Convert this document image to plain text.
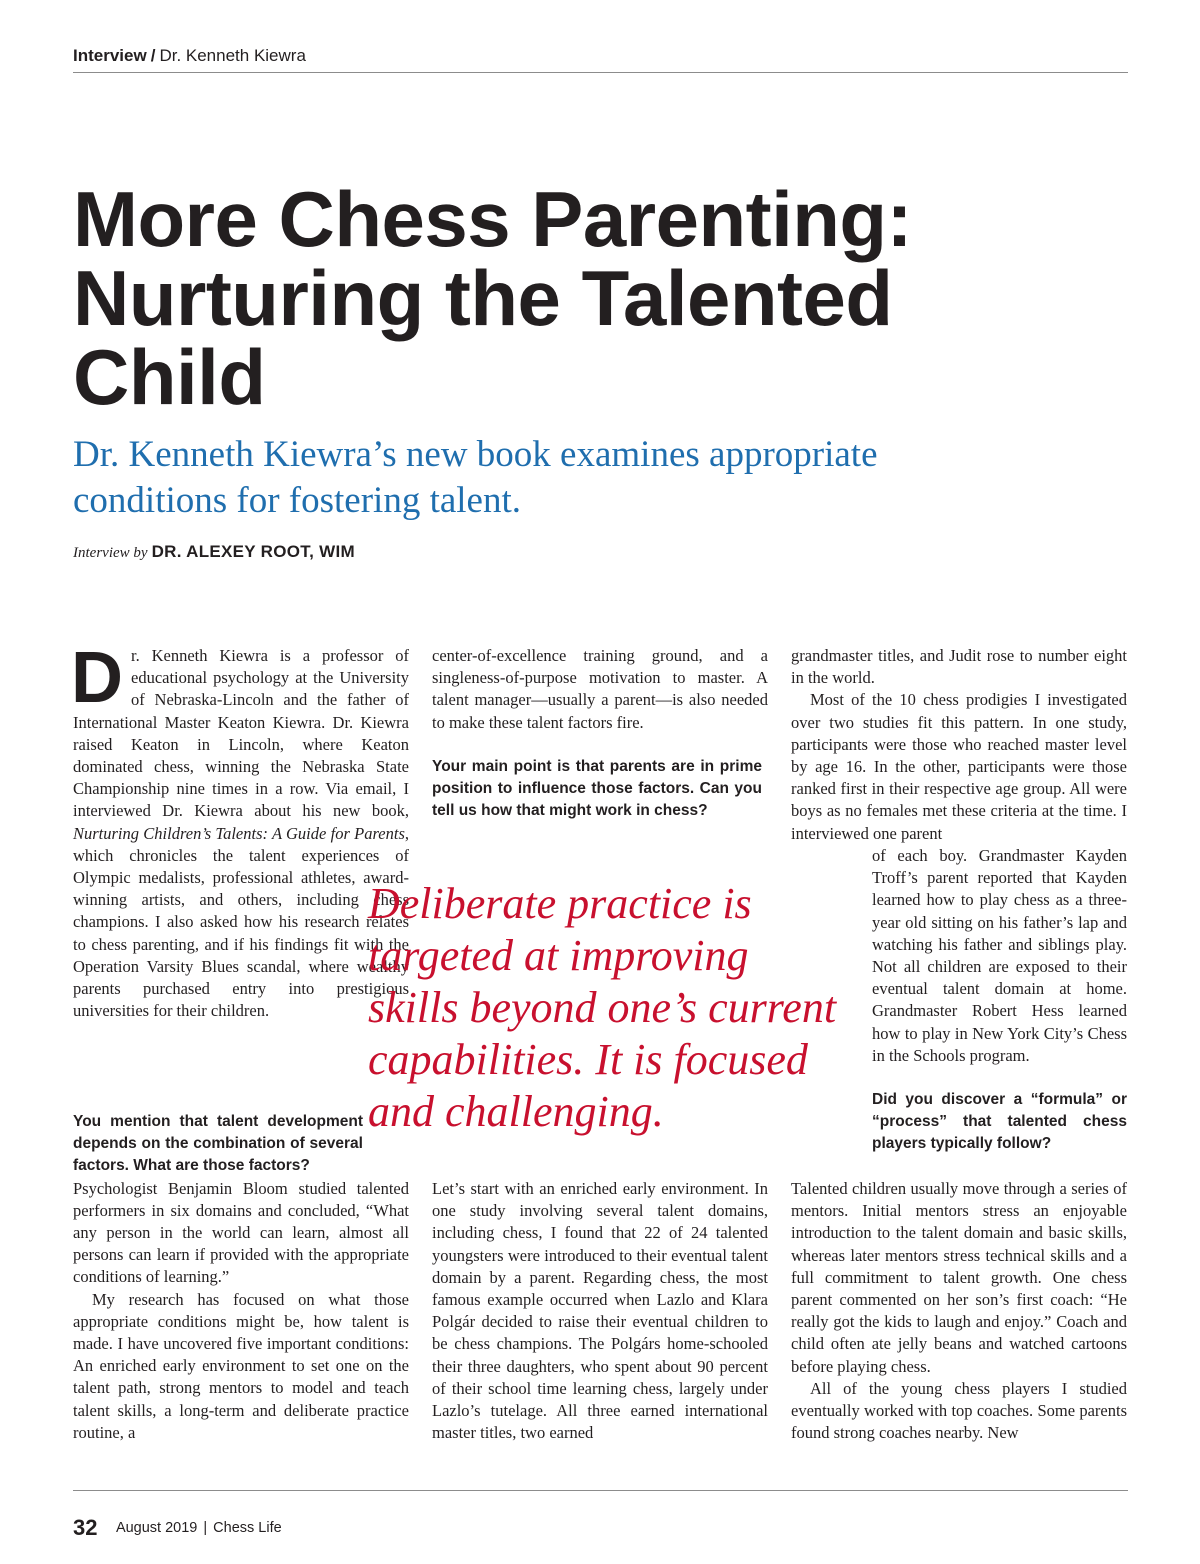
Interview / Dr. Kenneth Kiewra
More Chess Parenting:
Nurturing the Talented
Child
Dr. Kenneth Kiewra’s new book examines appropriate
conditions for fostering talent.
Interview by DR. ALEXEY ROOT, WIM

Dr. Kenneth Kiewra is a professor of educational psychology at the University of Nebraska-Lincoln and the father of International Master Keaton Kiewra. Dr. Kiewra raised Keaton in Lincoln, where Keaton dominated chess, winning the Nebraska State Championship nine times in a row. Via email, I interviewed Dr. Kiewra about his new book, Nurturing Children’s Talents: A Guide for Parents, which chronicles the talent experiences of Olympic medalists, professional athletes, award-winning artists, and others, including chess champions. I also asked how his research relates to chess parenting, and if his findings fit with the Operation Varsity Blues scandal, where wealthy parents purchased entry into prestigious universities for their children.

You mention that talent development depends on the combination of several factors. What are those factors?

Psychologist Benjamin Bloom studied talented performers in six domains and concluded, “What any person in the world can learn, almost all persons can learn if provided with the appropriate conditions of learning.”

My research has focused on what those appropriate conditions might be, how talent is made. I have uncovered five important conditions: An enriched early environment to set one on the talent path, strong mentors to model and teach talent skills, a long-term and deliberate practice routine, a

center-of-excellence training ground, and a singleness-of-purpose motivation to master. A talent manager—usually a parent—is also needed to make these talent factors fire.

Your main point is that parents are in prime position to influence those factors. Can you tell us how that might work in chess?

Let’s start with an enriched early environment. In one study involving several talent domains, including chess, I found that 22 of 24 talented youngsters were introduced to their eventual talent domain by a parent. Regarding chess, the most famous example occurred when Lazlo and Klara Polgár decided to raise their eventual children to be chess champions. The Polgárs home-schooled their three daughters, who spent about 90 percent of their school time learning chess, largely under Lazlo’s tutelage. All three earned international master titles, two earned

Deliberate practice is
targeted at improving
skills beyond one’s current
capabilities. It is focused
and challenging.

grandmaster titles, and Judit rose to number eight in the world.

Most of the 10 chess prodigies I investigated over two studies fit this pattern. In one study, participants were those who reached master level by age 16. In the other, participants were those ranked first in their respective age group. All were boys as no females met these criteria at the time. I interviewed one parent

of each boy. Grandmaster Kayden Troff’s parent reported that Kayden learned how to play chess as a three-year old sitting on his father’s lap and watching his father and siblings play. Not all children are exposed to their eventual talent domain at home. Grandmaster Robert Hess learned how to play in New York City’s Chess in the Schools program.

Did you discover a “formula” or “process” that talented chess players typically follow?

Talented children usually move through a series of mentors. Initial mentors stress an enjoyable introduction to the talent domain and basic skills, whereas later mentors stress technical skills and a full commitment to talent growth. One chess parent commented on her son’s first coach: “He really got the kids to laugh and enjoy.” Coach and child often ate jelly beans and watched cartoons before playing chess.

All of the young chess players I studied eventually worked with top coaches. Some parents found strong coaches nearby. New

32 August 2019 | Chess Life
